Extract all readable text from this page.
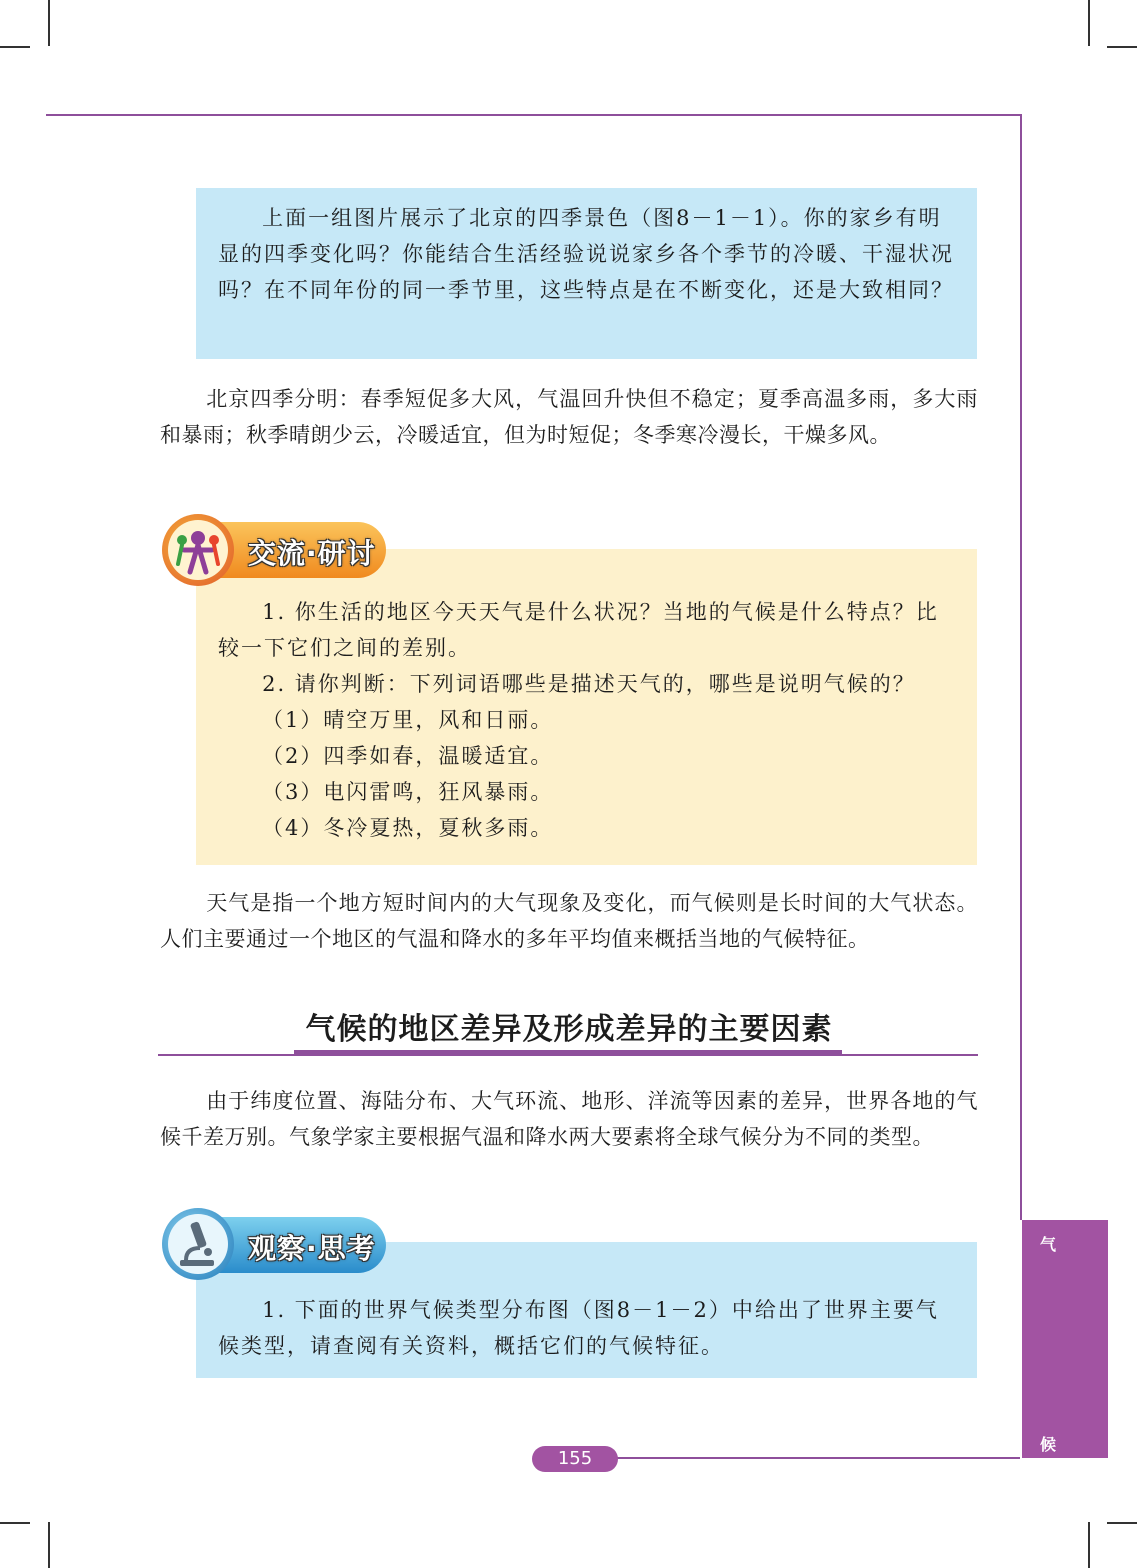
上面一组图片展示了北京的四季景色（图8－1－1）。你的家乡有明显的四季变化吗？你能结合生活经验说说家乡各个季节的冷暖、干湿状况吗？在不同年份的同一季节里，这些特点是在不断变化，还是大致相同？

北京四季分明：春季短促多大风，气温回升快但不稳定；夏季高温多雨，多大雨和暴雨；秋季晴朗少云，冷暖适宜，但为时短促；冬季寒冷漫长，干燥多风。

交流·研讨

1. 你生活的地区今天天气是什么状况？当地的气候是什么特点？比较一下它们之间的差别。

2. 请你判断：下列词语哪些是描述天气的，哪些是说明气候的？

（1）晴空万里，风和日丽。

（2）四季如春，温暖适宜。

（3）电闪雷鸣，狂风暴雨。

（4）冬冷夏热，夏秋多雨。

天气是指一个地方短时间内的大气现象及变化，而气候则是长时间的大气状态。人们主要通过一个地区的气温和降水的多年平均值来概括当地的气候特征。

气候的地区差异及形成差异的主要因素

由于纬度位置、海陆分布、大气环流、地形、洋流等因素的差异，世界各地的气候千差万别。气象学家主要根据气温和降水两大要素将全球气候分为不同的类型。

观察·思考

1. 下面的世界气候类型分布图（图8－1－2）中给出了世界主要气候类型，请查阅有关资料，概括它们的气候特征。

气
候
155
